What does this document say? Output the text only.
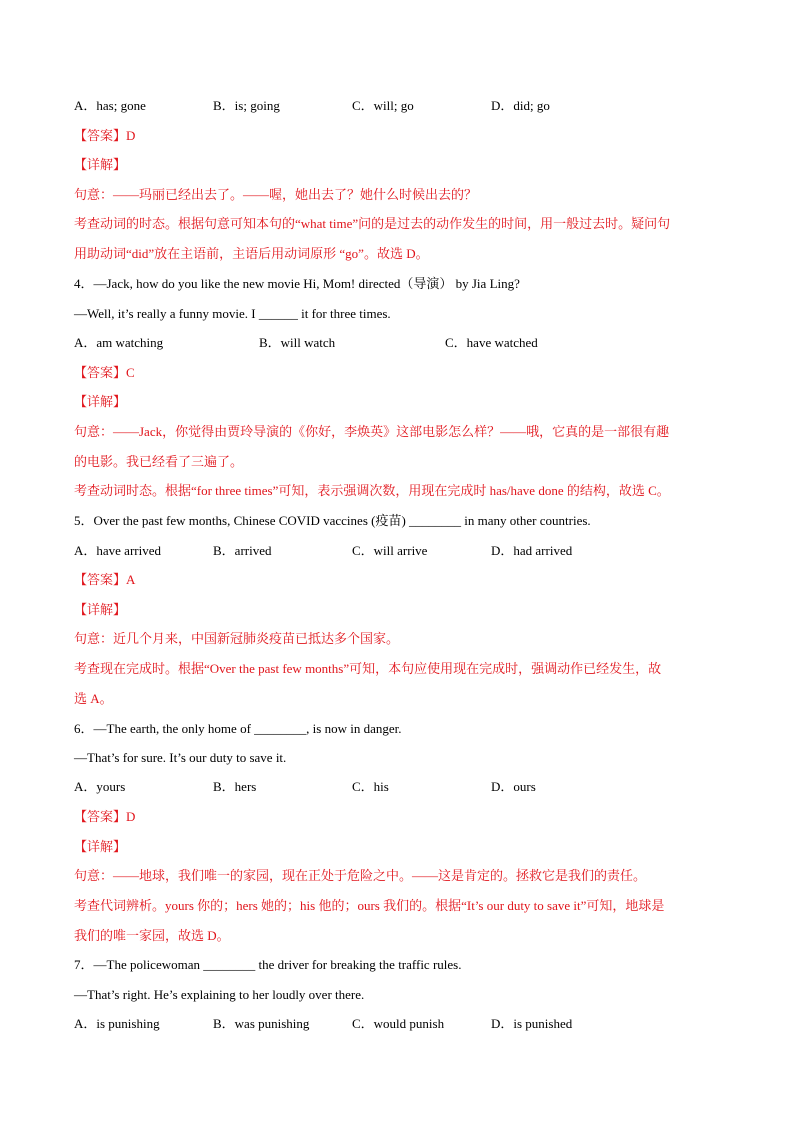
A．has; gone	B．is; going	C．will; go	D．did; go
【答案】D
【详解】
句意：——玛丽已经出去了。——喔，她出去了？她什么时候出去的？
考查动词的时态。根据句意可知本句的“what time”问的是过去的动作发生的时间，用一般过去时。疑问句
用助动词“did”放在主语前，主语后用动词原形 “go”。故选 D。
4．—Jack, how do you like the new movie Hi, Mom! directed（导演） by Jia Ling?
—Well, it’s really a funny movie. I ______ it for three times.
A．am watching	B．will watch	C．have watched
【答案】C
【详解】
句意：——Jack，你觉得由贾玲导演的《你好，李焕英》这部电影怎么样？——哦，它真的是一部很有趣
的电影。我已经看了三遍了。
考查动词时态。根据“for three times”可知，表示强调次数，用现在完成时 has/have done 的结构，故选 C。
5．Over the past few months, Chinese COVID vaccines (疫苗) ________ in many other countries.
A．have arrived	B．arrived	C．will arrive	D．had arrived
【答案】A
【详解】
句意：近几个月来，中国新冠肺炎疫苗已抵达多个国家。
考查现在完成时。根据“Over the past few months”可知，本句应使用现在完成时，强调动作已经发生，故
选 A。
6．—The earth, the only home of ________, is now in danger.
—That’s for sure. It’s our duty to save it.
A．yours	B．hers	C．his	D．ours
【答案】D
【详解】
句意：——地球，我们唯一的家园，现在正处于危险之中。——这是肯定的。拯救它是我们的责任。
考查代词辨析。yours 你的；hers 她的；his 他的；ours 我们的。根据“It’s our duty to save it”可知，地球是
我们的唯一家园，故选 D。
7．—The policewoman ________ the driver for breaking the traffic rules.
—That’s right. He’s explaining to her loudly over there.
A．is punishing	B．was punishing	C．would punish	D．is punished
